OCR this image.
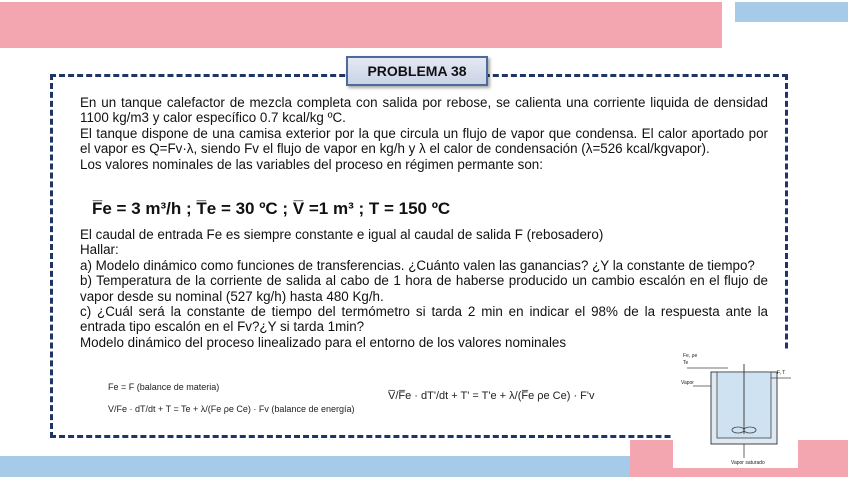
PROBLEMA 38

En un tanque calefactor de mezcla completa con salida por rebose, se calienta una corriente liquida de densidad 1100 kg/m3 y calor específico 0.7 kcal/kg ºC.

El tanque dispone de una camisa exterior por la que circula un flujo de vapor que condensa. El calor aportado por el vapor es Q=Fv·λ, siendo Fv el flujo de vapor en kg/h y λ el calor de condensación (λ=526 kcal/kgvapor).

Los valores nominales de las variables del proceso en régimen permante son:

F̅e = 3 m³/h ; T̅e = 30 ºC ; V̅ =1 m³ ; T = 150 ºC

El caudal de entrada Fe es siempre constante e igual al caudal de salida F (rebosadero)

Hallar:

a) Modelo dinámico como funciones de transferencias. ¿Cuánto valen las ganancias? ¿Y la constante de tiempo?

b) Temperatura de la corriente de salida al cabo de 1 hora de haberse producido un cambio escalón en el flujo de vapor desde su nominal (527 kg/h) hasta 480 Kg/h.

c) ¿Cuál será la constante de tiempo del termómetro si tarda 2 min en indicar el 98% de la respuesta ante la entrada tipo escalón en el Fv?¿Y si tarda 1min?

Modelo dinámico del proceso linealizado para el entorno de los valores nominales

Fe = F (balance de materia)
V/Fe · dT/dt + T = Te + λ/(Fe ρe Ce) · Fv (balance de energía)
V̅/F̅e · dT'/dt + T' = T'e + λ/(F̅e ρe Ce) · F'v
Fe, ρe
Te
Vapor
F, T
Vapor saturado
